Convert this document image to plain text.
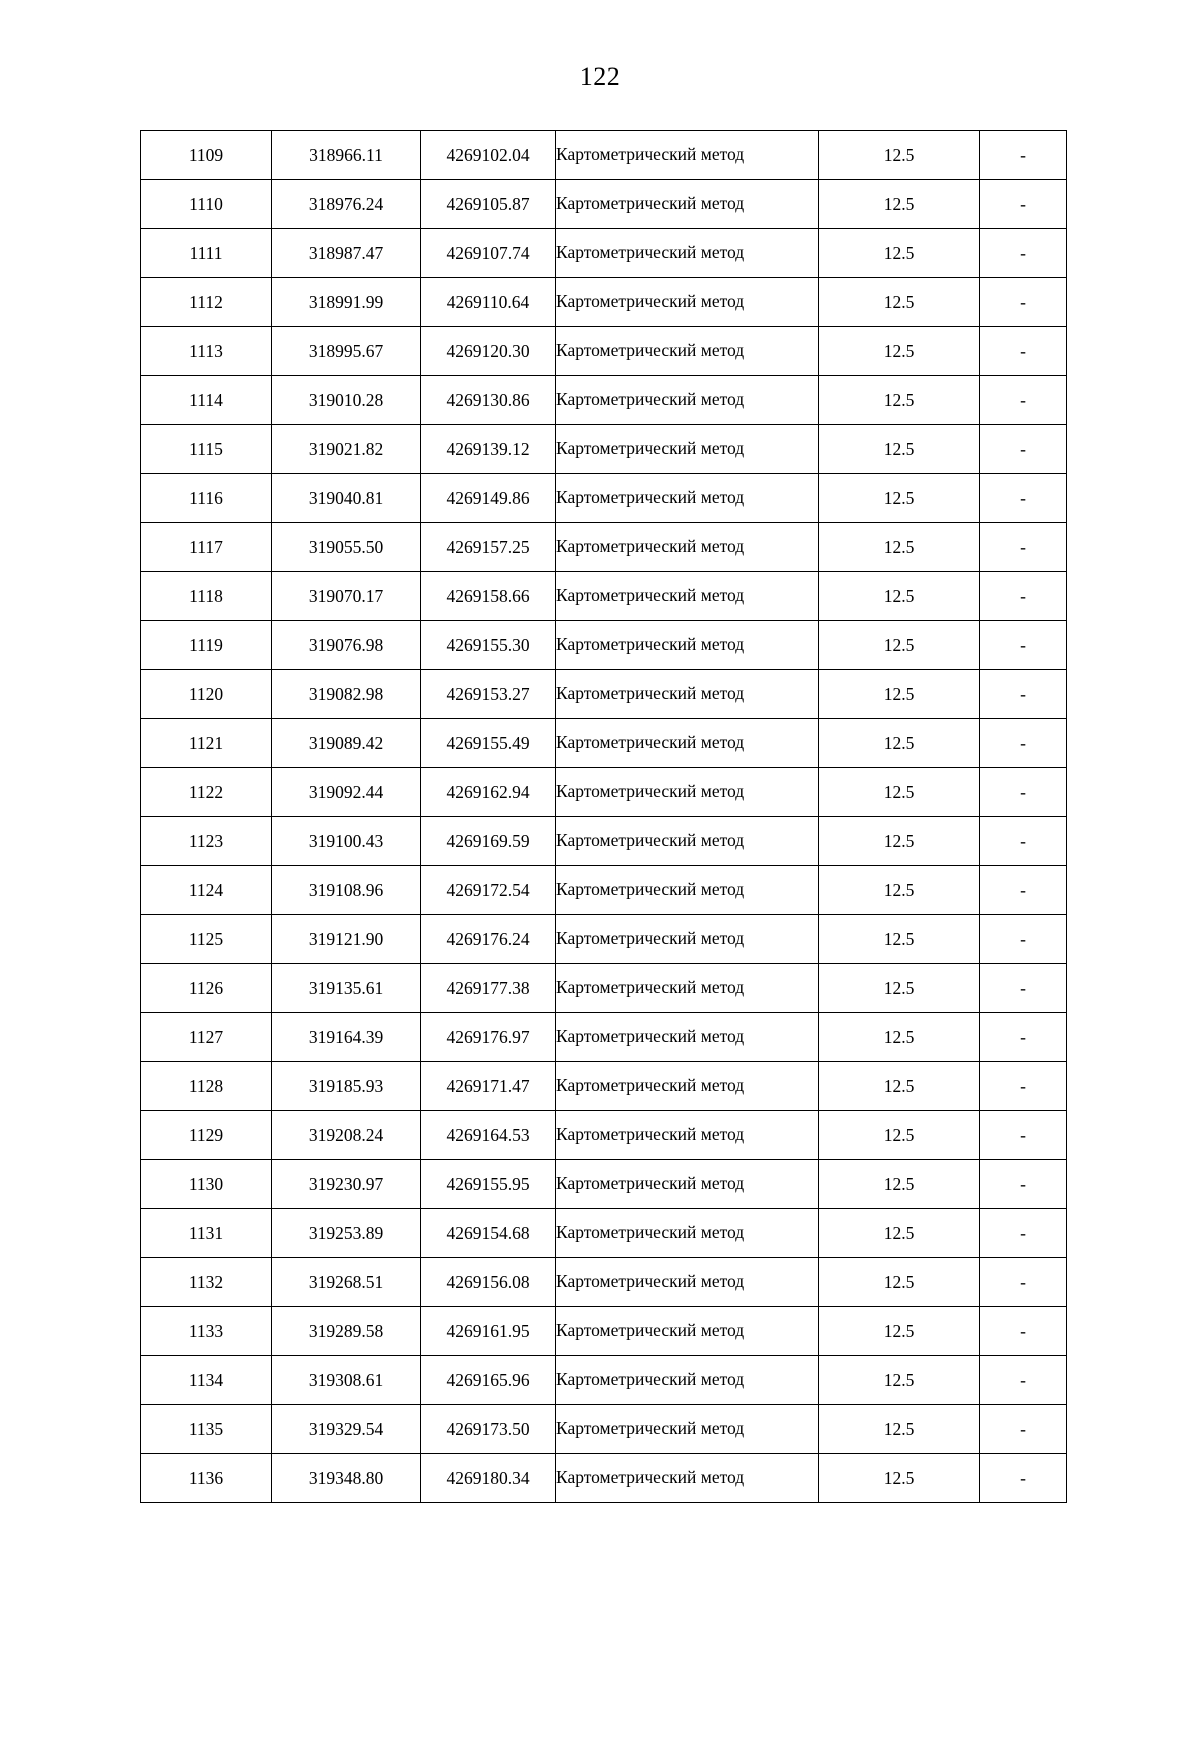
122
1109	318966.11	4269102.04	Картометрический метод	12.5	-
1110	318976.24	4269105.87	Картометрический метод	12.5	-
1111	318987.47	4269107.74	Картометрический метод	12.5	-
1112	318991.99	4269110.64	Картометрический метод	12.5	-
1113	318995.67	4269120.30	Картометрический метод	12.5	-
1114	319010.28	4269130.86	Картометрический метод	12.5	-
1115	319021.82	4269139.12	Картометрический метод	12.5	-
1116	319040.81	4269149.86	Картометрический метод	12.5	-
1117	319055.50	4269157.25	Картометрический метод	12.5	-
1118	319070.17	4269158.66	Картометрический метод	12.5	-
1119	319076.98	4269155.30	Картометрический метод	12.5	-
1120	319082.98	4269153.27	Картометрический метод	12.5	-
1121	319089.42	4269155.49	Картометрический метод	12.5	-
1122	319092.44	4269162.94	Картометрический метод	12.5	-
1123	319100.43	4269169.59	Картометрический метод	12.5	-
1124	319108.96	4269172.54	Картометрический метод	12.5	-
1125	319121.90	4269176.24	Картометрический метод	12.5	-
1126	319135.61	4269177.38	Картометрический метод	12.5	-
1127	319164.39	4269176.97	Картометрический метод	12.5	-
1128	319185.93	4269171.47	Картометрический метод	12.5	-
1129	319208.24	4269164.53	Картометрический метод	12.5	-
1130	319230.97	4269155.95	Картометрический метод	12.5	-
1131	319253.89	4269154.68	Картометрический метод	12.5	-
1132	319268.51	4269156.08	Картометрический метод	12.5	-
1133	319289.58	4269161.95	Картометрический метод	12.5	-
1134	319308.61	4269165.96	Картометрический метод	12.5	-
1135	319329.54	4269173.50	Картометрический метод	12.5	-
1136	319348.80	4269180.34	Картометрический метод	12.5	-
